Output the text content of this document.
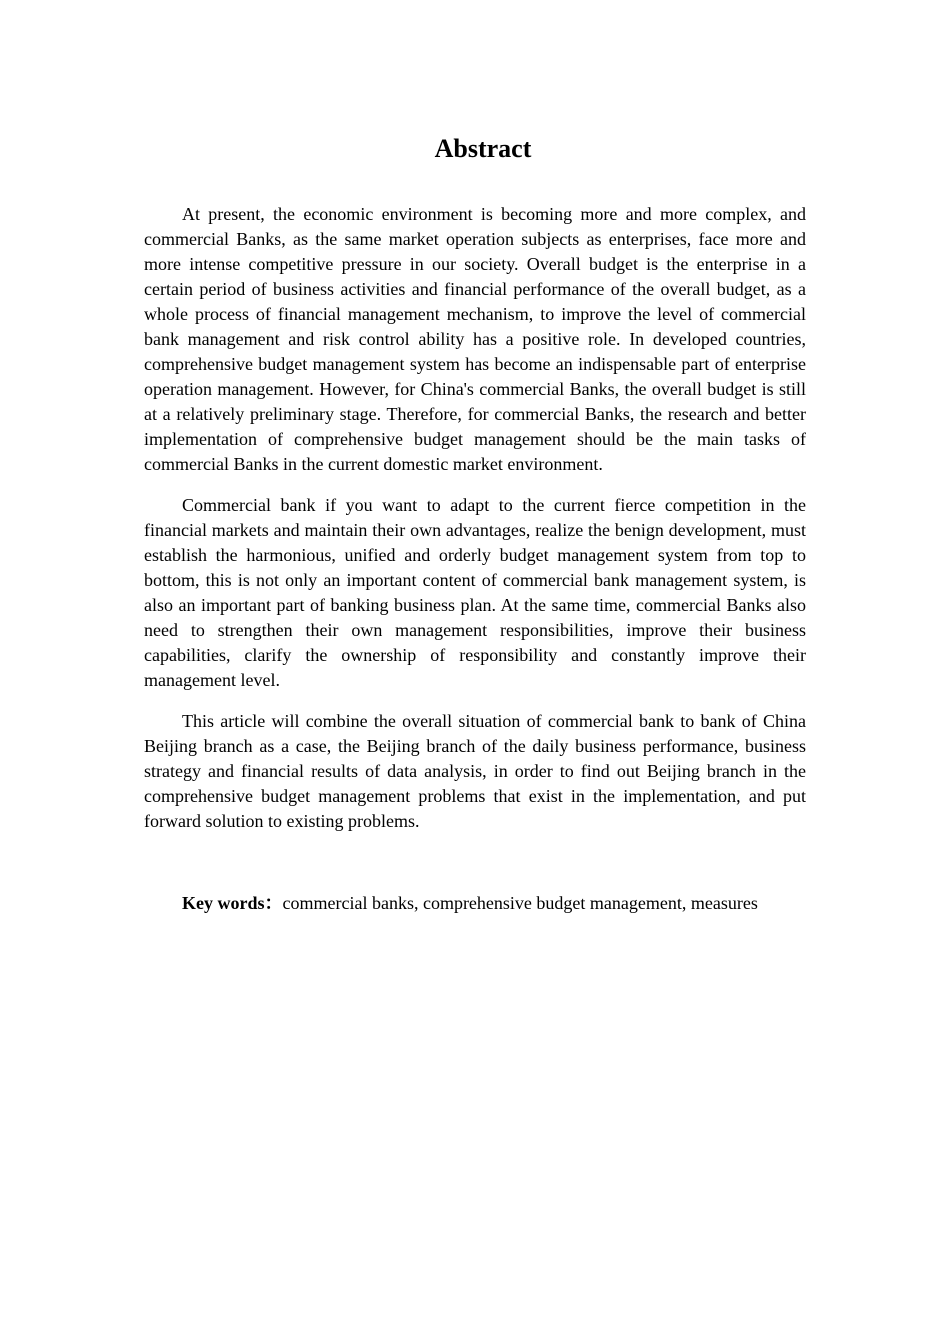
Abstract

At present, the economic environment is becoming more and more complex, and commercial Banks, as the same market operation subjects as enterprises, face more and more intense competitive pressure in our society. Overall budget is the enterprise in a certain period of business activities and financial performance of the overall budget, as a whole process of financial management mechanism, to improve the level of commercial bank management and risk control ability has a positive role. In developed countries, comprehensive budget management system has become an indispensable part of enterprise operation management. However, for China's commercial Banks, the overall budget is still at a relatively preliminary stage. Therefore, for commercial Banks, the research and better implementation of comprehensive budget management should be the main tasks of commercial Banks in the current domestic market environment.

Commercial bank if you want to adapt to the current fierce competition in the financial markets and maintain their own advantages, realize the benign development, must establish the harmonious, unified and orderly budget management system from top to bottom, this is not only an important content of commercial bank management system, is also an important part of banking business plan. At the same time, commercial Banks also need to strengthen their own management responsibilities, improve their business capabilities, clarify the ownership of responsibility and constantly improve their management level.

This article will combine the overall situation of commercial bank to bank of China Beijing branch as a case, the Beijing branch of the daily business performance, business strategy and financial results of data analysis, in order to find out Beijing branch in the comprehensive budget management problems that exist in the implementation, and put forward solution to existing problems.

Key words：commercial banks, comprehensive budget management, measures
